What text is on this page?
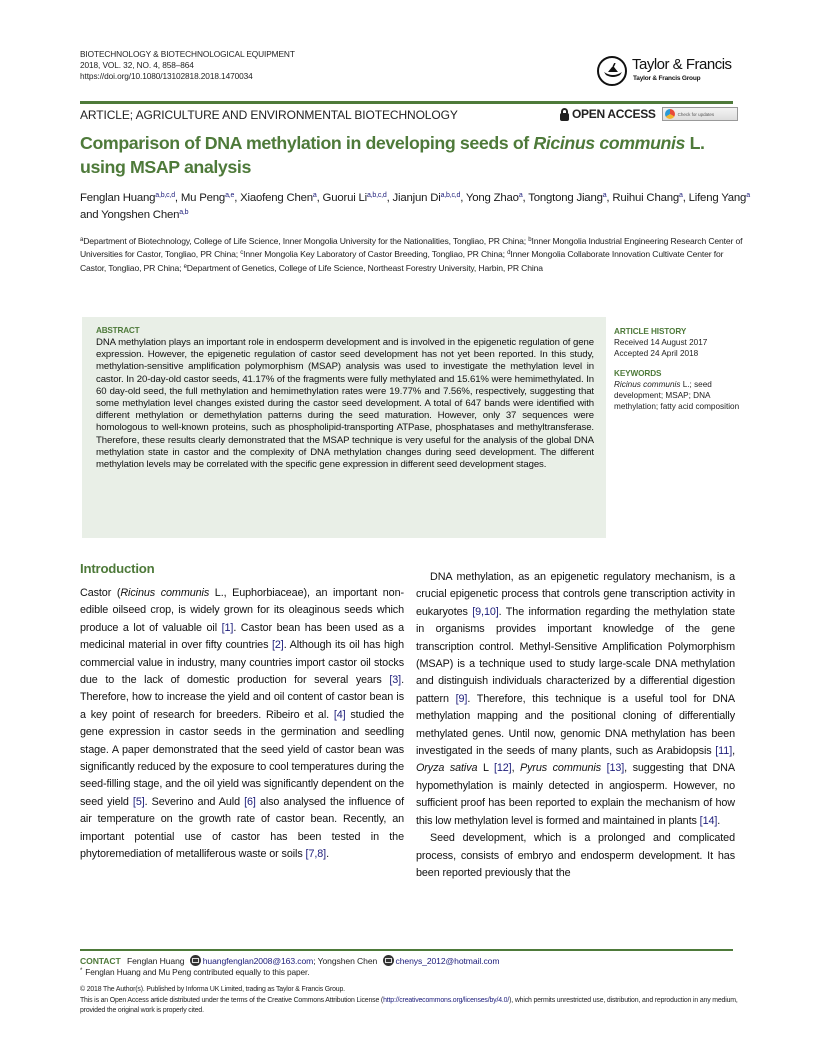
BIOTECHNOLOGY & BIOTECHNOLOGICAL EQUIPMENT
2018, VOL. 32, NO. 4, 858–864
https://doi.org/10.1080/13102818.2018.1470034
Taylor & Francis
Taylor & Francis Group
ARTICLE; AGRICULTURE AND ENVIRONMENTAL BIOTECHNOLOGY	OPEN ACCESS	Check for updates
Comparison of DNA methylation in developing seeds of Ricinus communis L. using MSAP analysis
Fenglan Huang$^{a,b,c,d}$, Mu Peng$^{a,e}$, Xiaofeng Chen$^a$, Guorui Li$^{a,b,c,d}$, Jianjun Di$^{a,b,c,d}$, Yong Zhao$^a$, Tongtong Jiang$^a$, Ruihui Chang$^a$, Lifeng Yang$^a$ and Yongshen Chen$^{a,b}$
$^a$Department of Biotechnology, College of Life Science, Inner Mongolia University for the Nationalities, Tongliao, PR China; $^b$Inner Mongolia Industrial Engineering Research Center of Universities for Castor, Tongliao, PR China; $^c$Inner Mongolia Key Laboratory of Castor Breeding, Tongliao, PR China; $^d$Inner Mongolia Collaborate Innovation Cultivate Center for Castor, Tongliao, PR China; $^e$Department of Genetics, College of Life Science, Northeast Forestry University, Harbin, PR China
ABSTRACT
DNA methylation plays an important role in endosperm development and is involved in the epigenetic regulation of gene expression. However, the epigenetic regulation of castor seed development has not yet been reported. In this study, methylation-sensitive amplification polymorphism (MSAP) analysis was used to investigate the methylation level in castor. In 20-day-old castor seeds, 41.17% of the fragments were fully methylated and 15.61% were hemimethylated. In 60 day-old seed, the full methylation and hemimethylation rates were 19.77% and 7.56%, respectively, suggesting that some methylation level changes existed during the castor seed development. A total of 647 bands were identified with different methylation or demethylation patterns during the seed maturation. However, only 37 sequences were homologous to well-known proteins, such as phospholipid-transporting ATPase, phosphatases and methyltransferase. Therefore, these results clearly demonstrated that the MSAP technique is very useful for the analysis of the global DNA methylation state in castor and the complexity of DNA methylation changes during seed development. The different methylation levels may be correlated with the specific gene expression in different seed development stages.
ARTICLE HISTORY
Received 14 August 2017
Accepted 24 April 2018
KEYWORDS
Ricinus communis L.; seed development; MSAP; DNA methylation; fatty acid composition
Introduction

Castor (Ricinus communis L., Euphorbiaceae), an important non-edible oilseed crop, is widely grown for its oleaginous seeds which produce a lot of valuable oil [1]. Castor bean has been used as a medicinal material in over fifty countries [2]. Although its oil has high commercial value in industry, many countries import castor oil stocks due to the lack of domestic production for several years [3]. Therefore, how to increase the yield and oil content of castor bean is a key point of research for breeders. Ribeiro et al. [4] studied the gene expression in castor seeds in the germination and seedling stage. A paper demonstrated that the seed yield of castor bean was significantly reduced by the exposure to cool temperatures during the seed-filling stage, and the oil yield was significantly dependent on the seed yield [5]. Severino and Auld [6] also analysed the influence of air temperature on the growth rate of castor bean. Recently, an important potential use of castor has been tested in the phytoremediation of metalliferous waste or soils [7,8].

DNA methylation, as an epigenetic regulatory mechanism, is a crucial epigenetic process that controls gene transcription activity in eukaryotes [9,10]. The information regarding the methylation state in organisms provides important knowledge of the gene transcription control. Methyl-Sensitive Amplification Polymorphism (MSAP) is a technique used to study large-scale DNA methylation and distinguish individuals characterized by a differential digestion pattern [9]. Therefore, this technique is a useful tool for DNA methylation mapping and the positional cloning of differentially methylated genes. Until now, genomic DNA methylation has been investigated in the seeds of many plants, such as Arabidopsis [11], Oryza sativa L [12], Pyrus communis [13], suggesting that DNA hypomethylation is mainly detected in angiosperm. However, no sufficient proof has been reported to explain the mechanism of how this low methylation level is formed and maintained in plants [14].

Seed development, which is a prolonged and complicated process, consists of embryo and endosperm development. It has been reported previously that the

CONTACT Fenglan Huang huangfenglan2008@163.com; Yongshen Chen chenys_2012@hotmail.com
* Fenglan Huang and Mu Peng contributed equally to this paper.
© 2018 The Author(s). Published by Informa UK Limited, trading as Taylor & Francis Group.
This is an Open Access article distributed under the terms of the Creative Commons Attribution License (http://creativecommons.org/licenses/by/4.0/), which permits unrestricted use, distribution, and reproduction in any medium, provided the original work is properly cited.
